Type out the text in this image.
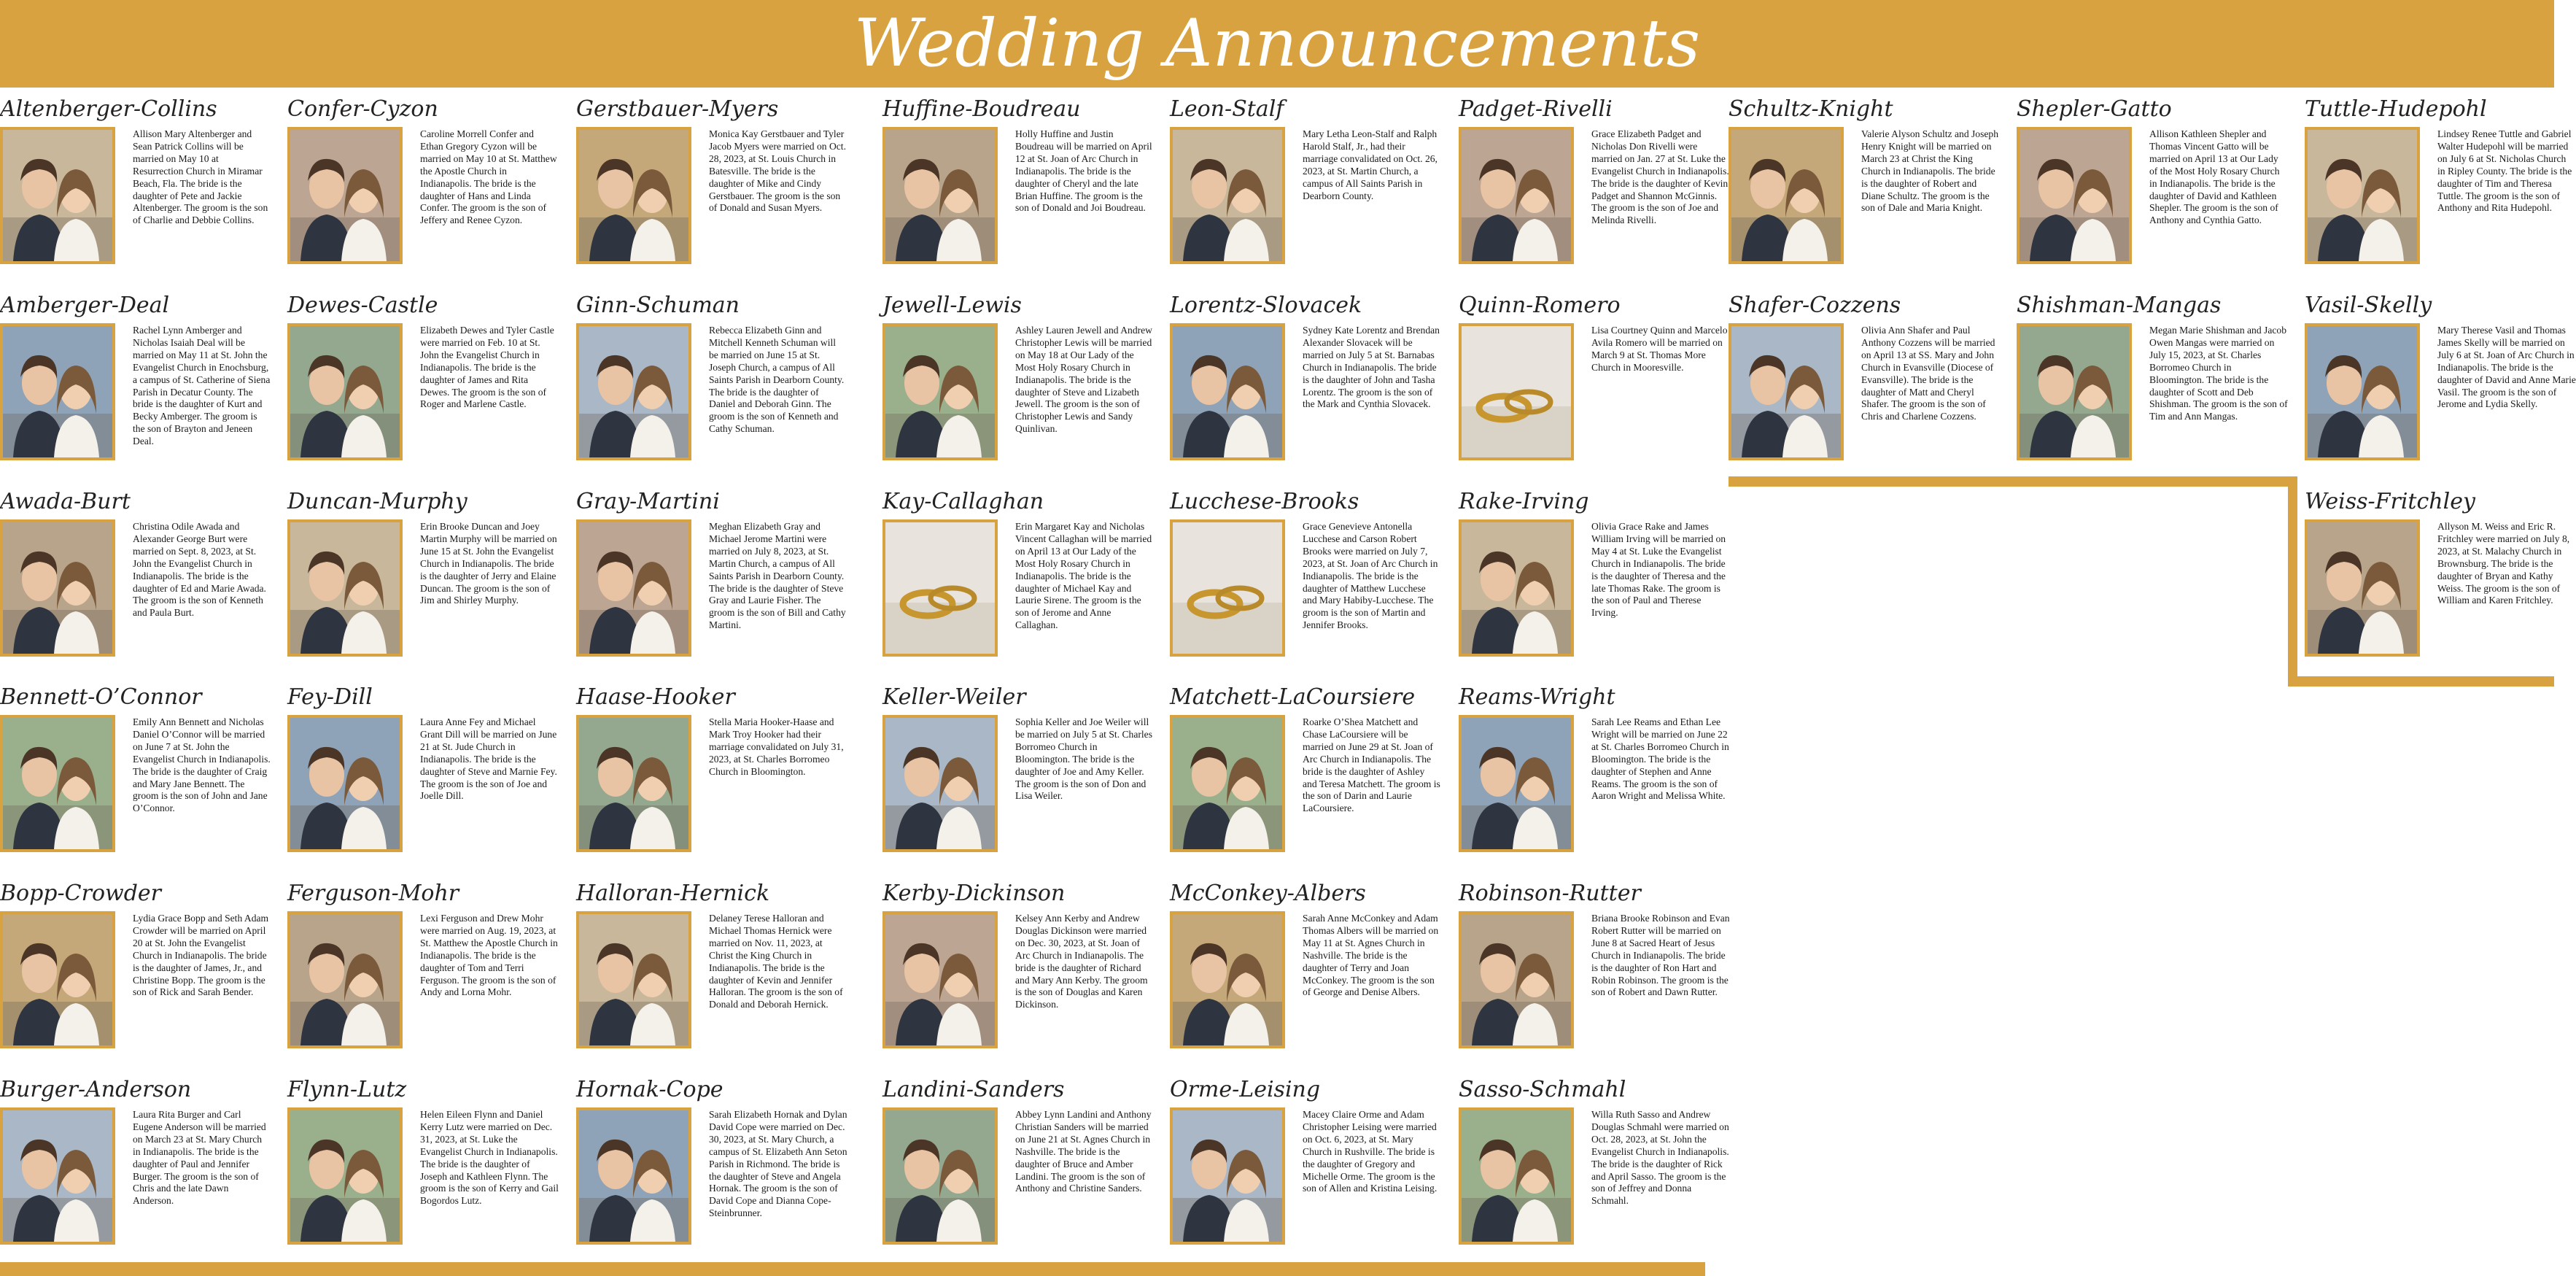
Wedding Announcements
Altenberger-Collins
Allison Mary Altenberger and Sean Patrick Collins will be married on May 10 at Resurrection Church in Miramar Beach, Fla. The bride is the daughter of Pete and Jackie Altenberger. The groom is the son of Charlie and Debbie Collins.
Amberger-Deal
Rachel Lynn Amberger and Nicholas Isaiah Deal will be married on May 11 at St. John the Evangelist Church in Enochsburg, a campus of St. Catherine of Siena Parish in Decatur County. The bride is the daughter of Kurt and Becky Amberger. The groom is the son of Brayton and Jeneen Deal.
Awada-Burt
Christina Odile Awada and Alexander George Burt were married on Sept. 8, 2023, at St. John the Evangelist Church in Indianapolis. The bride is the daughter of Ed and Marie Awada. The groom is the son of Kenneth and Paula Burt.
Bennett-O’Connor
Emily Ann Bennett and Nicholas Daniel O’Connor will be married on June 7 at St. John the Evangelist Church in Indianapolis. The bride is the daughter of Craig and Mary Jane Bennett. The groom is the son of John and Jane O’Connor.
Bopp-Crowder
Lydia Grace Bopp and Seth Adam Crowder will be married on April 20 at St. John the Evangelist Church in Indianapolis. The bride is the daughter of James, Jr., and Christine Bopp. The groom is the son of Rick and Sarah Bender.
Burger-Anderson
Laura Rita Burger and Carl Eugene Anderson will be married on March 23 at St. Mary Church in Indianapolis. The bride is the daughter of Paul and Jennifer Burger. The groom is the son of Chris and the late Dawn Anderson.
Confer-Cyzon
Caroline Morrell Confer and Ethan Gregory Cyzon will be married on May 10 at St. Matthew the Apostle Church in Indianapolis. The bride is the daughter of Hans and Linda Confer. The groom is the son of Jeffery and Renee Cyzon.
Dewes-Castle
Elizabeth Dewes and Tyler Castle were married on Feb. 10 at St. John the Evangelist Church in Indianapolis. The bride is the daughter of James and Rita Dewes. The groom is the son of Roger and Marlene Castle.
Duncan-Murphy
Erin Brooke Duncan and Joey Martin Murphy will be married on June 15 at St. John the Evangelist Church in Indianapolis. The bride is the daughter of Jerry and Elaine Duncan. The groom is the son of Jim and Shirley Murphy.
Fey-Dill
Laura Anne Fey and Michael Grant Dill will be married on June 21 at St. Jude Church in Indianapolis. The bride is the daughter of Steve and Marnie Fey. The groom is the son of Joe and Joelle Dill.
Ferguson-Mohr
Lexi Ferguson and Drew Mohr were married on Aug. 19, 2023, at St. Matthew the Apostle Church in Indianapolis. The bride is the daughter of Tom and Terri Ferguson. The groom is the son of Andy and Lorna Mohr.
Flynn-Lutz
Helen Eileen Flynn and Daniel Kerry Lutz were married on Dec. 31, 2023, at St. Luke the Evangelist Church in Indianapolis. The bride is the daughter of Joseph and Kathleen Flynn. The groom is the son of Kerry and Gail Bogordos Lutz.
Gerstbauer-Myers
Monica Kay Gerstbauer and Tyler Jacob Myers were married on Oct. 28, 2023, at St. Louis Church in Batesville. The bride is the daughter of Mike and Cindy Gerstbauer. The groom is the son of Donald and Susan Myers.
Ginn-Schuman
Rebecca Elizabeth Ginn and Mitchell Kenneth Schuman will be married on June 15 at St. Joseph Church, a campus of All Saints Parish in Dearborn County. The bride is the daughter of Daniel and Deborah Ginn. The groom is the son of Kenneth and Cathy Schuman.
Gray-Martini
Meghan Elizabeth Gray and Michael Jerome Martini were married on July 8, 2023, at St. Martin Church, a campus of All Saints Parish in Dearborn County. The bride is the daughter of Steve Gray and Laurie Fisher. The groom is the son of Bill and Cathy Martini.
Haase-Hooker
Stella Maria Hooker-Haase and Mark Troy Hooker had their marriage convalidated on July 31, 2023, at St. Charles Borromeo Church in Bloomington.
Halloran-Hernick
Delaney Terese Halloran and Michael Thomas Hernick were married on Nov. 11, 2023, at Christ the King Church in Indianapolis. The bride is the daughter of Kevin and Jennifer Halloran. The groom is the son of Donald and Deborah Hernick.
Hornak-Cope
Sarah Elizabeth Hornak and Dylan David Cope were married on Dec. 30, 2023, at St. Mary Church, a campus of St. Elizabeth Ann Seton Parish in Richmond. The bride is the daughter of Steve and Angela Hornak. The groom is the son of David Cope and Dianna Cope-Steinbrunner.
Huffine-Boudreau
Holly Huffine and Justin Boudreau will be married on April 12 at St. Joan of Arc Church in Indianapolis. The bride is the daughter of Cheryl and the late Brian Huffine. The groom is the son of Donald and Joi Boudreau.
Jewell-Lewis
Ashley Lauren Jewell and Andrew Christopher Lewis will be married on May 18 at Our Lady of the Most Holy Rosary Church in Indianapolis. The bride is the daughter of Steve and Lizabeth Jewell. The groom is the son of Christopher Lewis and Sandy Quinlivan.
Kay-Callaghan
Erin Margaret Kay and Nicholas Vincent Callaghan will be married on April 13 at Our Lady of the Most Holy Rosary Church in Indianapolis. The bride is the daughter of Michael Kay and Laurie Sirene. The groom is the son of Jerome and Anne Callaghan.
Keller-Weiler
Sophia Keller and Joe Weiler will be married on July 5 at St. Charles Borromeo Church in Bloomington. The bride is the daughter of Joe and Amy Keller. The groom is the son of Don and Lisa Weiler.
Kerby-Dickinson
Kelsey Ann Kerby and Andrew Douglas Dickinson were married on Dec. 30, 2023, at St. Joan of Arc Church in Indianapolis. The bride is the daughter of Richard and Mary Ann Kerby. The groom is the son of Douglas and Karen Dickinson.
Landini-Sanders
Abbey Lynn Landini and Anthony Christian Sanders will be married on June 21 at St. Agnes Church in Nashville. The bride is the daughter of Bruce and Amber Landini. The groom is the son of Anthony and Christine Sanders.
Leon-Stalf
Mary Letha Leon-Stalf and Ralph Harold Stalf, Jr., had their marriage convalidated on Oct. 26, 2023, at St. Martin Church, a campus of All Saints Parish in Dearborn County.
Lorentz-Slovacek
Sydney Kate Lorentz and Brendan Alexander Slovacek will be married on July 5 at St. Barnabas Church in Indianapolis. The bride is the daughter of John and Tasha Lorentz. The groom is the son of the Mark and Cynthia Slovacek.
Lucchese-Brooks
Grace Genevieve Antonella Lucchese and Carson Robert Brooks were married on July 7, 2023, at St. Joan of Arc Church in Indianapolis. The bride is the daughter of Matthew Lucchese and Mary Habiby-Lucchese. The groom is the son of Martin and Jennifer Brooks.
Matchett-LaCoursiere
Roarke O’Shea Matchett and Chase LaCoursiere will be married on June 29 at St. Joan of Arc Church in Indianapolis. The bride is the daughter of Ashley and Teresa Matchett. The groom is the son of Darin and Laurie LaCoursiere.
McConkey-Albers
Sarah Anne McConkey and Adam Thomas Albers will be married on May 11 at St. Agnes Church in Nashville. The bride is the daughter of Terry and Joan McConkey. The groom is the son of George and Denise Albers.
Orme-Leising
Macey Claire Orme and Adam Christopher Leising were married on Oct. 6, 2023, at St. Mary Church in Rushville. The bride is the daughter of Gregory and Michelle Orme. The groom is the son of Allen and Kristina Leising.
Padget-Rivelli
Grace Elizabeth Padget and Nicholas Don Rivelli were married on Jan. 27 at St. Luke the Evangelist Church in Indianapolis. The bride is the daughter of Kevin Padget and Shannon McGinnis. The groom is the son of Joe and Melinda Rivelli.
Quinn-Romero
Lisa Courtney Quinn and Marcelo Avila Romero will be married on March 9 at St. Thomas More Church in Mooresville.
Rake-Irving
Olivia Grace Rake and James William Irving will be married on May 4 at St. Luke the Evangelist Church in Indianapolis. The bride is the daughter of Theresa and the late Thomas Rake. The groom is the son of Paul and Therese Irving.
Reams-Wright
Sarah Lee Reams and Ethan Lee Wright will be married on June 22 at St. Charles Borromeo Church in Bloomington. The bride is the daughter of Stephen and Anne Reams. The groom is the son of Aaron Wright and Melissa White.
Robinson-Rutter
Briana Brooke Robinson and Evan Robert Rutter will be married on June 8 at Sacred Heart of Jesus Church in Indianapolis. The bride is the daughter of Ron Hart and Robin Robinson. The groom is the son of Robert and Dawn Rutter.
Sasso-Schmahl
Willa Ruth Sasso and Andrew Douglas Schmahl were married on Oct. 28, 2023, at St. John the Evangelist Church in Indianapolis. The bride is the daughter of Rick and April Sasso. The groom is the son of Jeffrey and Donna Schmahl.
Schultz-Knight
Valerie Alyson Schultz and Joseph Henry Knight will be married on March 23 at Christ the King Church in Indianapolis. The bride is the daughter of Robert and Diane Schultz. The groom is the son of Dale and Maria Knight.
Shafer-Cozzens
Olivia Ann Shafer and Paul Anthony Cozzens will be married on April 13 at SS. Mary and John Church in Evansville (Diocese of Evansville). The bride is the daughter of Matt and Cheryl Shafer. The groom is the son of Chris and Charlene Cozzens.
Shepler-Gatto
Allison Kathleen Shepler and Thomas Vincent Gatto will be married on April 13 at Our Lady of the Most Holy Rosary Church in Indianapolis. The bride is the daughter of David and Kathleen Shepler. The groom is the son of Anthony and Cynthia Gatto.
Shishman-Mangas
Megan Marie Shishman and Jacob Owen Mangas were married on July 15, 2023, at St. Charles Borromeo Church in Bloomington. The bride is the daughter of Scott and Deb Shishman. The groom is the son of Tim and Ann Mangas.
Tuttle-Hudepohl
Lindsey Renee Tuttle and Gabriel Walter Hudepohl will be married on July 6 at St. Nicholas Church in Ripley County. The bride is the daughter of Tim and Theresa Tuttle. The groom is the son of Anthony and Rita Hudepohl.
Vasil-Skelly
Mary Therese Vasil and Thomas James Skelly will be married on July 6 at St. Joan of Arc Church in Indianapolis. The bride is the daughter of David and Anne Marie Vasil. The groom is the son of Jerome and Lydia Skelly.
Weiss-Fritchley
Allyson M. Weiss and Eric R. Fritchley were married on July 8, 2023, at St. Malachy Church in Brownsburg. The bride is the daughter of Bryan and Kathy Weiss. The groom is the son of William and Karen Fritchley.
